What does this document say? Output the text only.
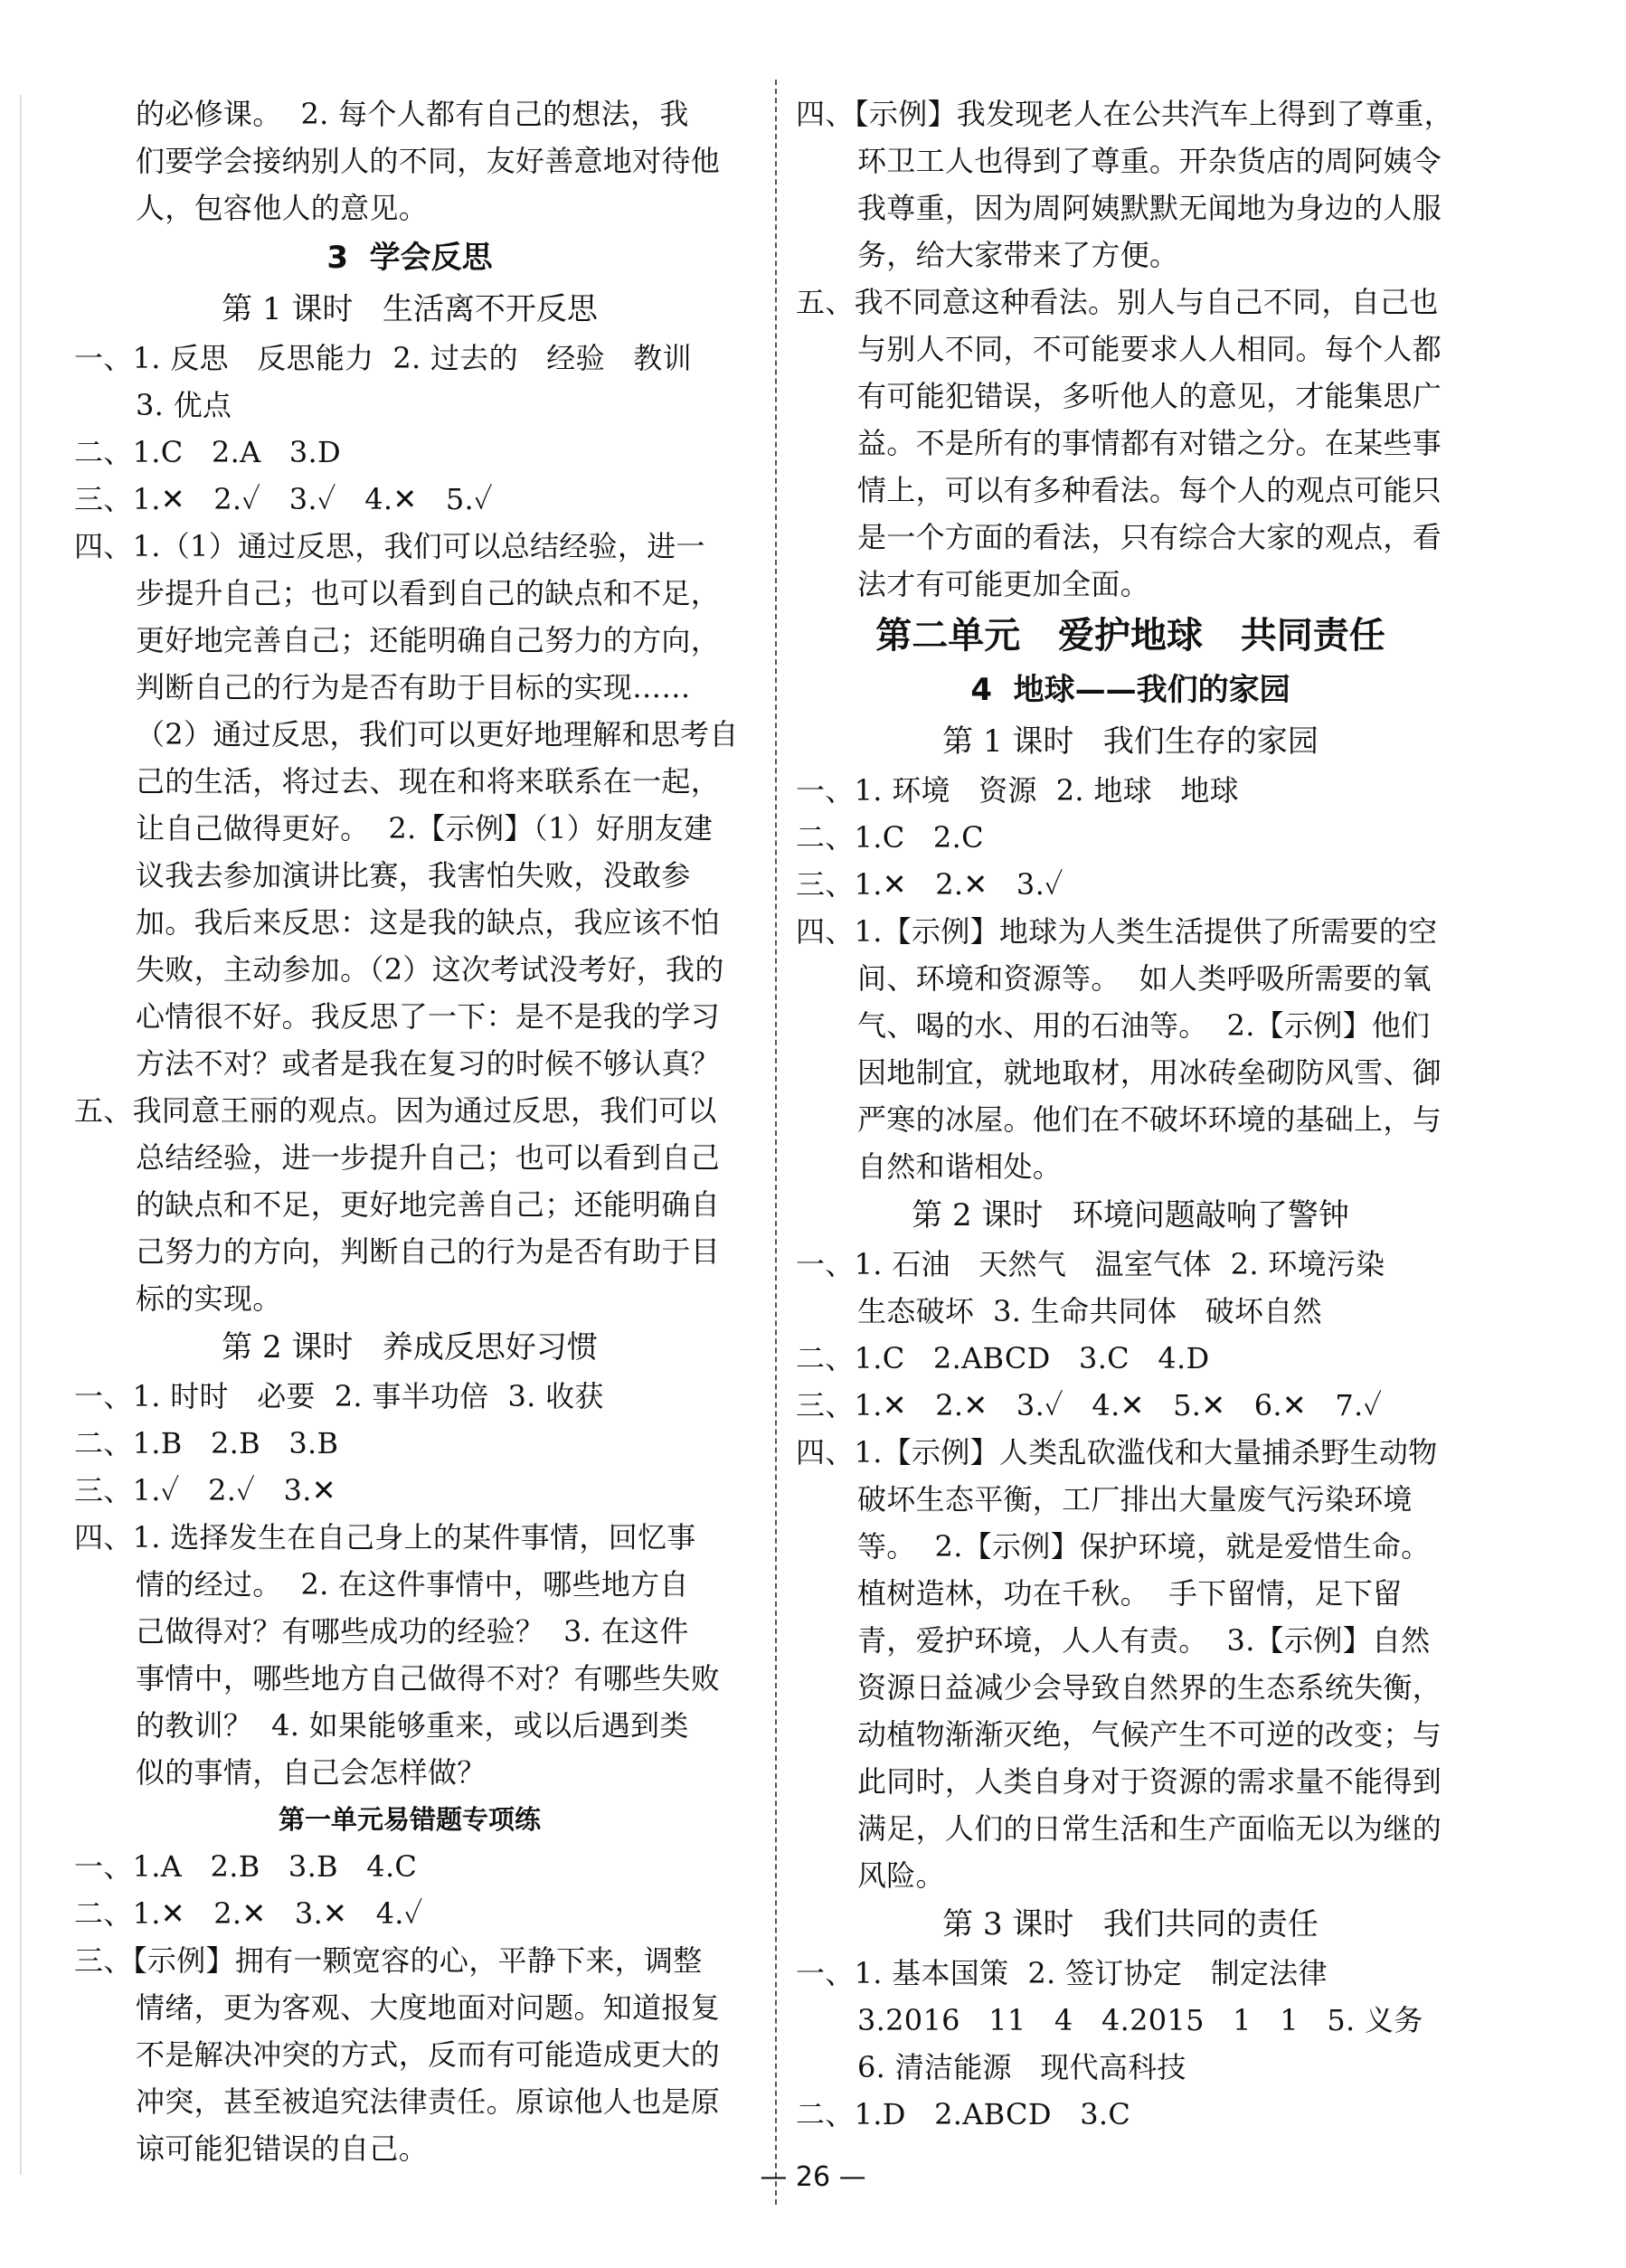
的必修课。  2. 每个人都有自己的想法，我
们要学会接纳别人的不同，友好善意地对待他
人，包容他人的意见。
3  学会反思
第 1 课时   生活离不开反思
一、1. 反思   反思能力  2. 过去的   经验   教训
3. 优点
二、1.C   2.A   3.D
三、1.✕   2.✓   3.✓   4.✕   5.✓
四、1.（1）通过反思，我们可以总结经验，进一
步提升自己；也可以看到自己的缺点和不足，
更好地完善自己；还能明确自己努力的方向，
判断自己的行为是否有助于目标的实现……
（2）通过反思，我们可以更好地理解和思考自
己的生活，将过去、现在和将来联系在一起，
让自己做得更好。  2.【示例】（1）好朋友建
议我去参加演讲比赛，我害怕失败，没敢参
加。我后来反思：这是我的缺点，我应该不怕
失败，主动参加。（2）这次考试没考好，我的
心情很不好。我反思了一下：是不是我的学习
方法不对？或者是我在复习的时候不够认真？
五、我同意王丽的观点。因为通过反思，我们可以
总结经验，进一步提升自己；也可以看到自己
的缺点和不足，更好地完善自己；还能明确自
己努力的方向，判断自己的行为是否有助于目
标的实现。
第 2 课时   养成反思好习惯
一、1. 时时   必要  2. 事半功倍  3. 收获
二、1.B   2.B   3.B
三、1.✓   2.✓   3.✕
四、1. 选择发生在自己身上的某件事情，回忆事
情的经过。  2. 在这件事情中，哪些地方自
己做得对？有哪些成功的经验？  3. 在这件
事情中，哪些地方自己做得不对？有哪些失败
的教训？  4. 如果能够重来，或以后遇到类
似的事情，自己会怎样做？
第一单元易错题专项练
一、1.A   2.B   3.B   4.C
二、1.✕   2.✕   3.✕   4.✓
三、【示例】拥有一颗宽容的心，平静下来，调整
情绪，更为客观、大度地面对问题。知道报复
不是解决冲突的方式，反而有可能造成更大的
冲突，甚至被追究法律责任。原谅他人也是原
谅可能犯错误的自己。
四、【示例】我发现老人在公共汽车上得到了尊重，
环卫工人也得到了尊重。开杂货店的周阿姨令
我尊重，因为周阿姨默默无闻地为身边的人服
务，给大家带来了方便。
五、我不同意这种看法。别人与自己不同，自己也
与别人不同，不可能要求人人相同。每个人都
有可能犯错误，多听他人的意见，才能集思广
益。不是所有的事情都有对错之分。在某些事
情上，可以有多种看法。每个人的观点可能只
是一个方面的看法，只有综合大家的观点，看
法才有可能更加全面。
第二单元   爱护地球   共同责任
4  地球——我们的家园
第 1 课时   我们生存的家园
一、1. 环境   资源  2. 地球   地球
二、1.C   2.C
三、1.✕   2.✕   3.✓
四、1.【示例】地球为人类生活提供了所需要的空
间、环境和资源等。  如人类呼吸所需要的氧
气、喝的水、用的石油等。  2.【示例】他们
因地制宜，就地取材，用冰砖垒砌防风雪、御
严寒的冰屋。他们在不破坏环境的基础上，与
自然和谐相处。
第 2 课时   环境问题敲响了警钟
一、1. 石油   天然气   温室气体  2. 环境污染
生态破坏  3. 生命共同体   破坏自然
二、1.C   2.ABCD   3.C   4.D
三、1.✕   2.✕   3.✓   4.✕   5.✕   6.✕   7.✓
四、1.【示例】人类乱砍滥伐和大量捕杀野生动物
破坏生态平衡，工厂排出大量废气污染环境
等。  2.【示例】保护环境，就是爱惜生命。
植树造林，功在千秋。  手下留情，足下留
青，爱护环境，人人有责。  3.【示例】自然
资源日益减少会导致自然界的生态系统失衡，
动植物渐渐灭绝，气候产生不可逆的改变；与
此同时，人类自身对于资源的需求量不能得到
满足，人们的日常生活和生产面临无以为继的
风险。
第 3 课时   我们共同的责任
一、1. 基本国策  2. 签订协定   制定法律
3.2016   11   4   4.2015   1   1   5. 义务
6. 清洁能源   现代高科技
二、1.D   2.ABCD   3.C
— 26 —
